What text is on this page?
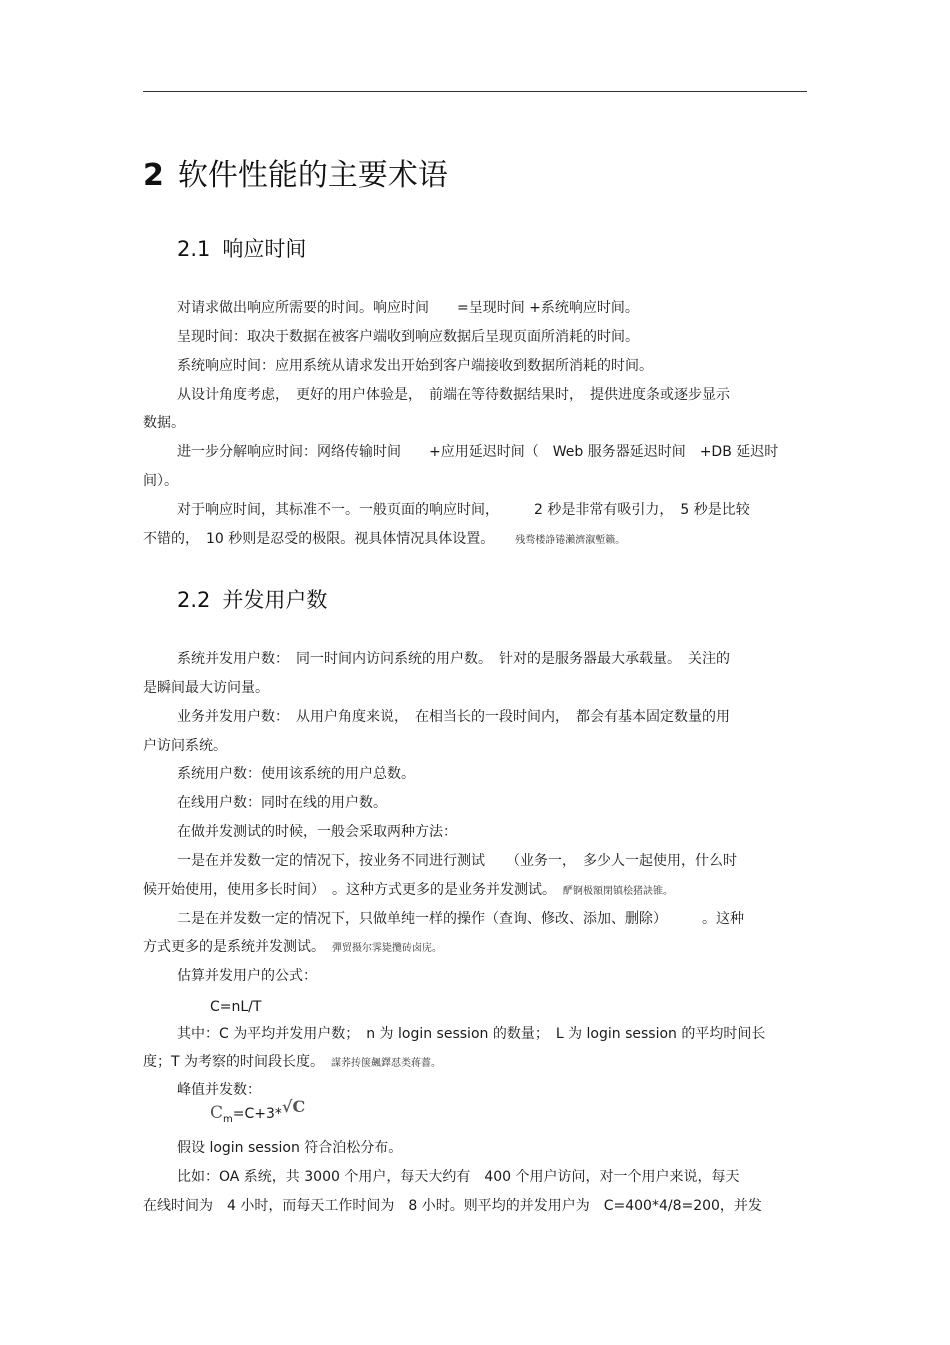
2 软件性能的主要术语
2.1 响应时间
对请求做出响应所需要的时间。响应时间　　=呈现时间 +系统响应时间。
呈现时间：取决于数据在被客户端收到响应数据后呈现页面所消耗的时间。
系统响应时间：应用系统从请求发出开始到客户端接收到数据所消耗的时间。
从设计角度考虑，　更好的用户体验是，　前端在等待数据结果时，　提供进度条或逐步显示
数据。
进一步分解响应时间：网络传输时间　　+应用延迟时间（　Web 服务器延迟时间　+DB 延迟时
间）。
对于响应时间，其标准不一。一般页面的响应时间，　　　2 秒是非常有吸引力，　5 秒是比较
不错的，　10 秒则是忍受的极限。视具体情况具体设置。　　	残骛楼諍锩瀨濟溆塹籟。
2.2 并发用户数
系统并发用户数：　同一时间内访问系统的用户数。　针对的是服务器最大承载量。　关注的
是瞬间最大访问量。
业务并发用户数：　从用户角度来说，　在相当长的一段时间内，　都会有基本固定数量的用
户访问系统。
系统用户数：使用该系统的用户总数。
在线用户数：同时在线的用户数。
在做并发测试的时候，一般会采取两种方法：
一是在并发数一定的情况下，按业务不同进行测试　　（业务一，　多少人一起使用，什么时
候开始使用，使用多长时间）　。这种方式更多的是业务并发测试。　 酽锕极額閉镇桧猪訣锥。
二是在并发数一定的情况下，只做单纯一样的操作（查询、修改、添加、删除）　　　。这种
方式更多的是系统并发测试。　 彈贸摄尔霁毙攬砖卤庑。
估算并发用户的公式：
C=nL/T
其中：C 为平均并发用户数；　n 为 login session 的数量；　L 为 login session 的平均时间长
度；T 为考察的时间段长度。　 謀荞抟箧飆鐸怼类蒋薔。
峰值并发数：
$C_m=C+3*√C$
假设 login session 符合泊松分布。
比如：OA 系统，共 3000 个用户，每天大约有　400 个用户访问，对一个用户来说，每天
在线时间为　4 小时，而每天工作时间为　8 小时。则平均的并发用户为　C=400*4/8=200，并发
